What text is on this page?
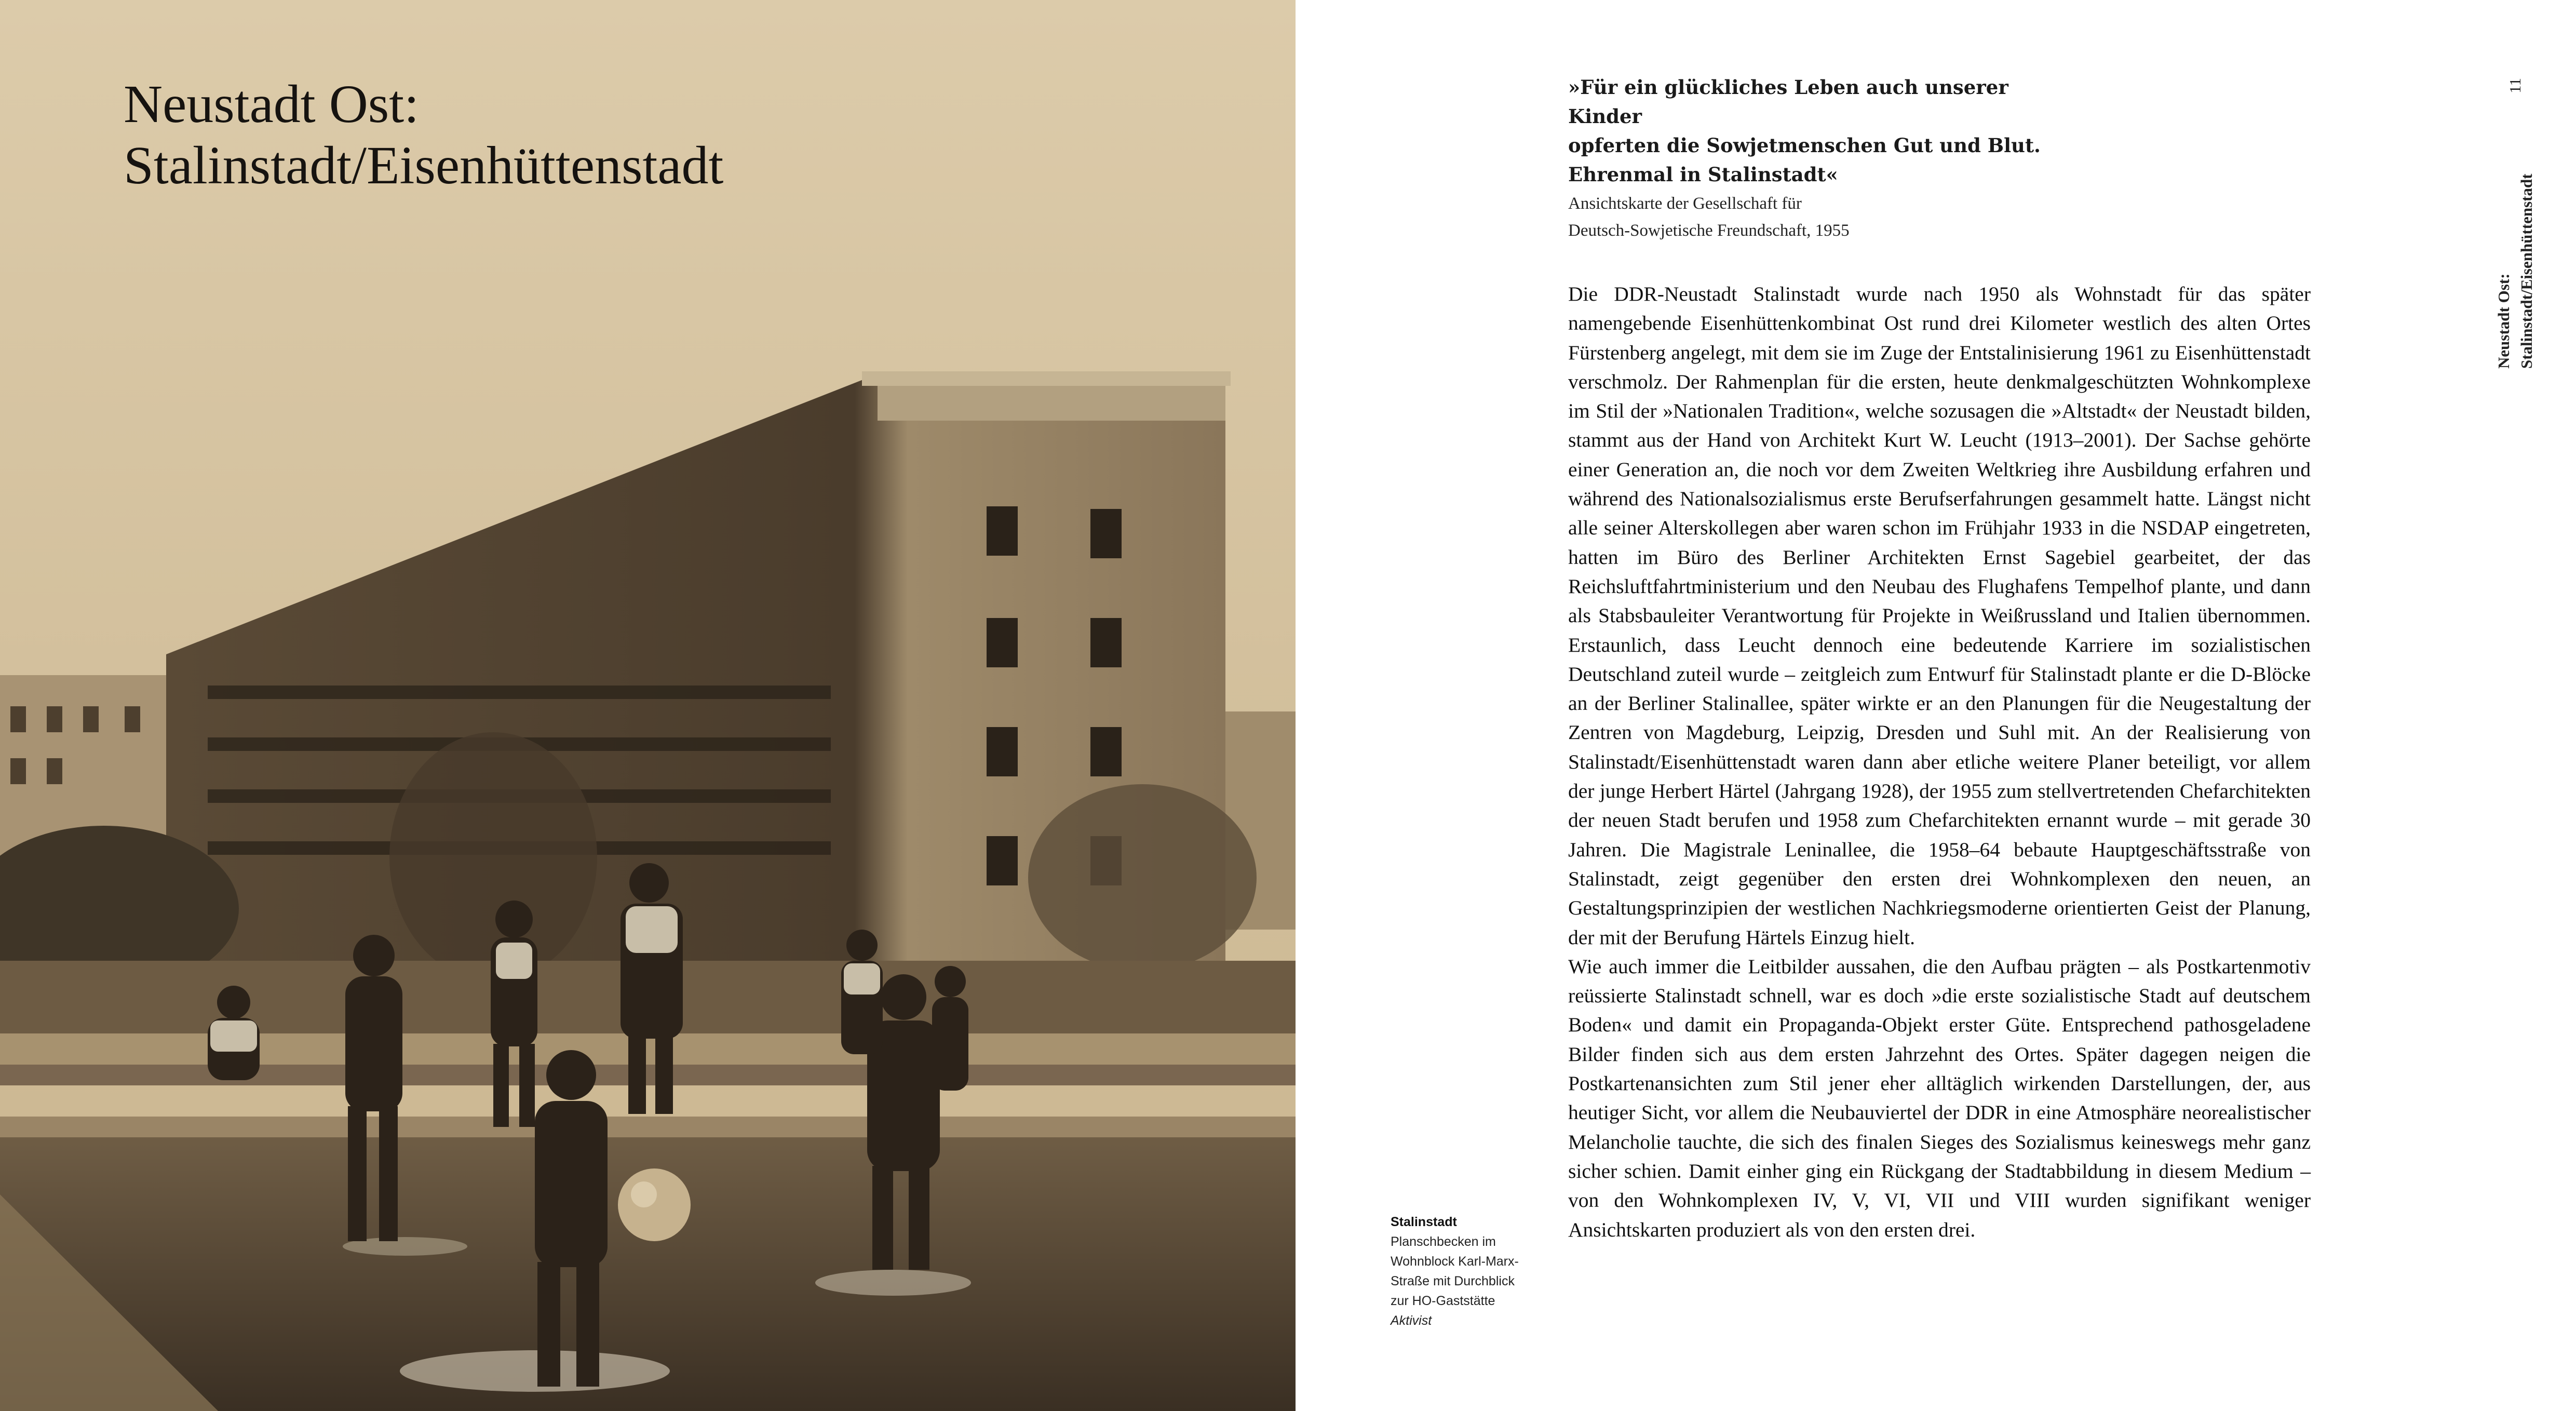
Neustadt Ost:
Stalinstadt/Eisenhüttenstadt

»Für ein glückliches Leben auch unserer Kinder
opferten die Sowjetmenschen Gut und Blut.
Ehrenmal in Stalinstadt«

Ansichtskarte der Gesellschaft für
Deutsch-Sowjetische Freundschaft, 1955

Die DDR-Neustadt Stalinstadt wurde nach 1950 als Wohnstadt für das später namengebende Eisenhüttenkombinat Ost rund drei Kilometer westlich des alten Ortes Fürstenberg angelegt, mit dem sie im Zuge der Entstalinisierung 1961 zu Eisenhüttenstadt verschmolz. Der Rahmenplan für die ersten, heute denkmalgeschützten Wohnkomplexe im Stil der »Nationalen Tradition«, welche sozusagen die »Altstadt« der Neustadt bilden, stammt aus der Hand von Architekt Kurt W. Leucht (1913–2001). Der Sachse gehörte einer Generation an, die noch vor dem Zweiten Weltkrieg ihre Ausbildung erfahren und während des Nationalsozialismus erste Berufserfahrungen gesammelt hatte. Längst nicht alle seiner Alterskollegen aber waren schon im Frühjahr 1933 in die NSDAP eingetreten, hatten im Büro des Berliner Architekten Ernst Sagebiel gearbeitet, der das Reichsluftfahrtministerium und den Neubau des Flughafens Tempelhof plante, und dann als Stabsbauleiter Verantwortung für Projekte in Weißrussland und Italien übernommen. Erstaunlich, dass Leucht dennoch eine bedeutende Karriere im sozialistischen Deutschland zuteil wurde – zeitgleich zum Entwurf für Stalinstadt plante er die D-Blöcke an der Berliner Stalinallee, später wirkte er an den Planungen für die Neugestaltung der Zentren von Magdeburg, Leipzig, Dresden und Suhl mit. An der Realisierung von Stalinstadt/Eisenhüttenstadt waren dann aber etliche weitere Planer beteiligt, vor allem der junge Herbert Härtel (Jahrgang 1928), der 1955 zum stellvertretenden Chefarchitekten der neuen Stadt berufen und 1958 zum Chefarchitekten ernannt wurde – mit gerade 30 Jahren. Die Magistrale Leninallee, die 1958–64 bebaute Hauptgeschäftsstraße von Stalinstadt, zeigt gegenüber den ersten drei Wohnkomplexen den neuen, an Gestaltungsprinzipien der westlichen Nachkriegsmoderne orientierten Geist der Planung, der mit der Berufung Härtels Einzug hielt.

Wie auch immer die Leitbilder aussahen, die den Aufbau prägten – als Postkartenmotiv reüssierte Stalinstadt schnell, war es doch »die erste sozialistische Stadt auf deutschem Boden« und damit ein Propaganda-Objekt erster Güte. Entsprechend pathosgeladene Bilder finden sich aus dem ersten Jahrzehnt des Ortes. Später dagegen neigen die Postkartenansichten zum Stil jener eher alltäglich wirkenden Darstellungen, der, aus heutiger Sicht, vor allem die Neubauviertel der DDR in eine Atmosphäre neorealistischer Melancholie tauchte, die sich des finalen Sieges des Sozialismus keineswegs mehr ganz sicher schien. Damit einher ging ein Rückgang der Stadtabbildung in diesem Medium – von den Wohnkomplexen IV, V, VI, VII und VIII wurden signifikant weniger Ansichtskarten produziert als von den ersten drei.

Stalinstadt
Planschbecken im
Wohnblock Karl-Marx-
Straße mit Durchblick
zur HO-Gaststätte
Aktivist

Neustadt Ost: Stalinstadt/Eisenhüttenstadt
11
